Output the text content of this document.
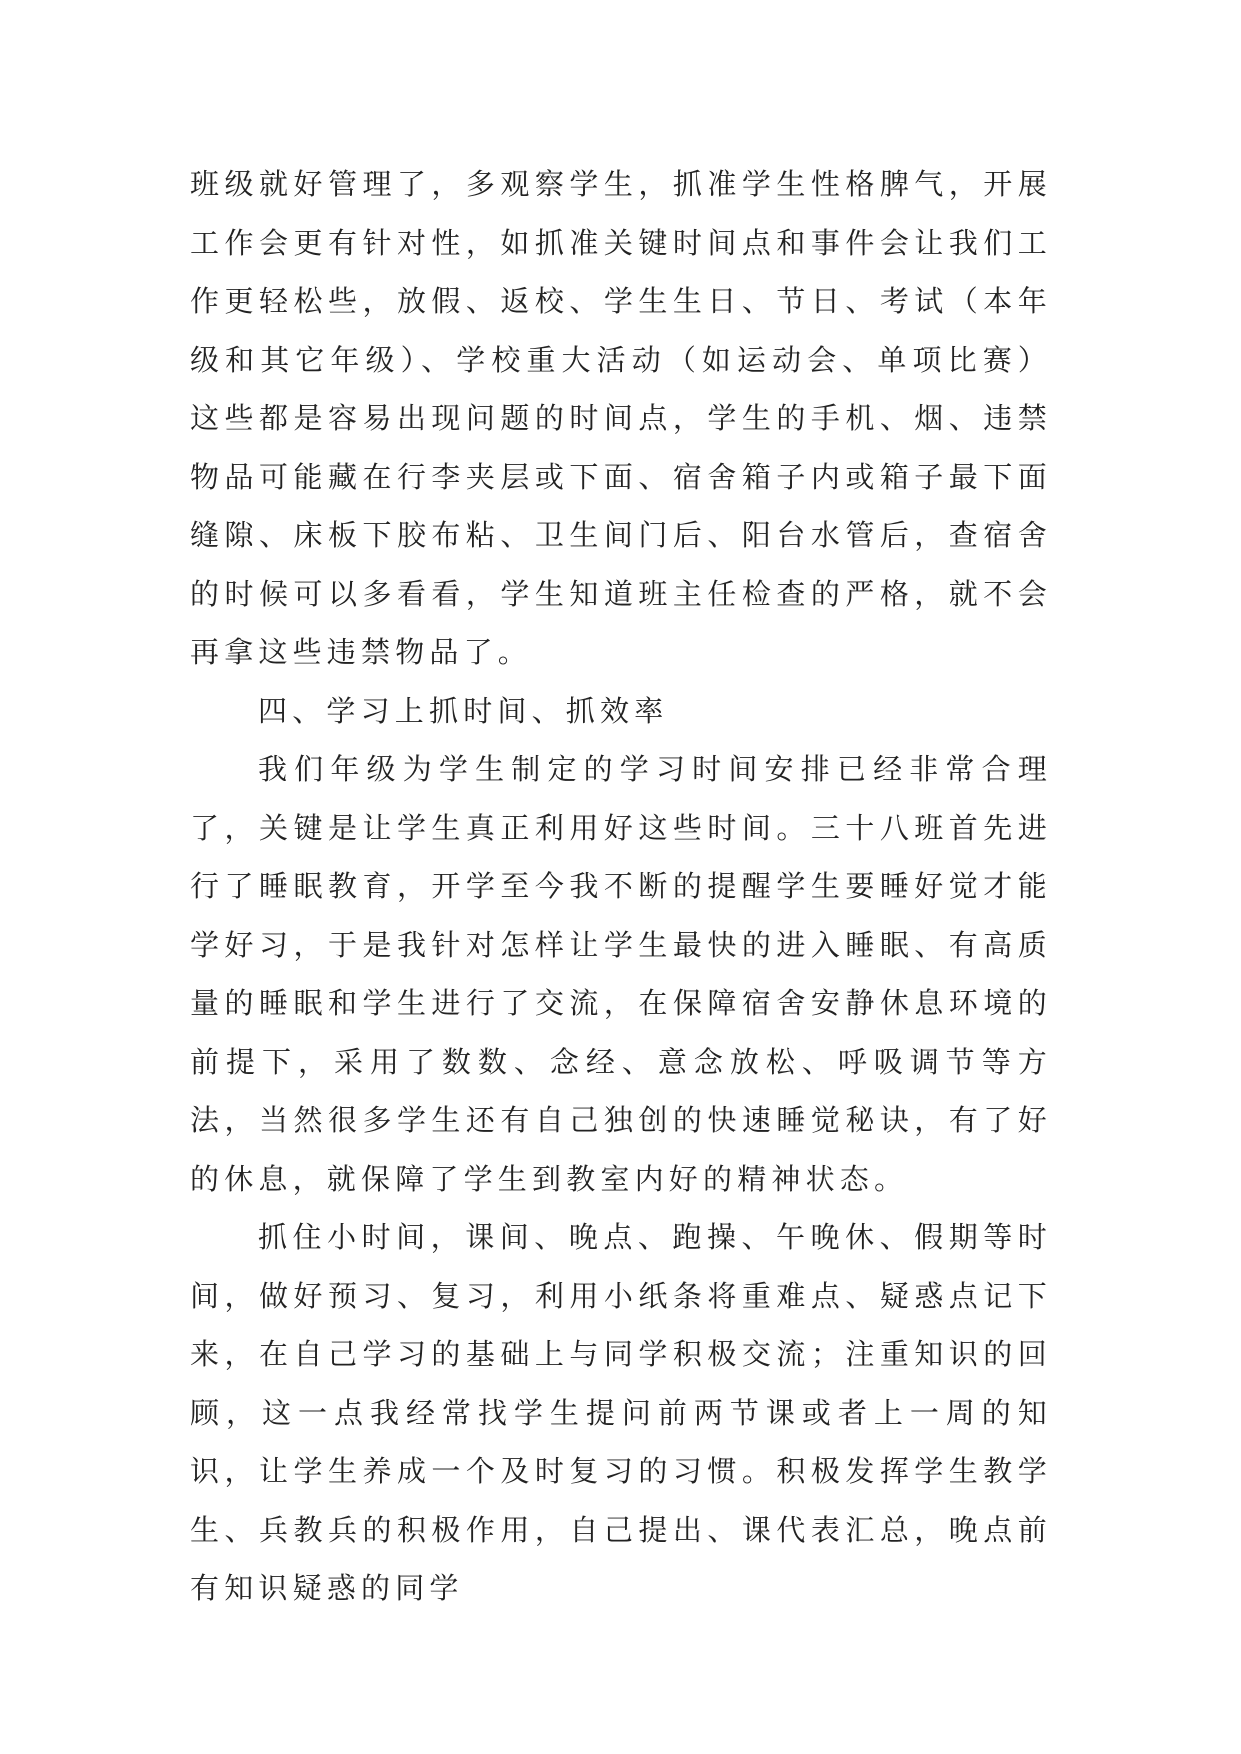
班级就好管理了，多观察学生，抓准学生性格脾气，开展工作会更有针对性，如抓准关键时间点和事件会让我们工作更轻松些，放假、返校、学生生日、节日、考试（本年级和其它年级）、学校重大活动（如运动会、单项比赛）这些都是容易出现问题的时间点，学生的手机、烟、违禁物品可能藏在行李夹层或下面、宿舍箱子内或箱子最下面缝隙、床板下胶布粘、卫生间门后、阳台水管后，查宿舍的时候可以多看看，学生知道班主任检查的严格，就不会再拿这些违禁物品了。

四、学习上抓时间、抓效率

我们年级为学生制定的学习时间安排已经非常合理了，关键是让学生真正利用好这些时间。三十八班首先进行了睡眠教育，开学至今我不断的提醒学生要睡好觉才能学好习，于是我针对怎样让学生最快的进入睡眠、有高质量的睡眠和学生进行了交流，在保障宿舍安静休息环境的前提下，采用了数数、念经、意念放松、呼吸调节等方法，当然很多学生还有自己独创的快速睡觉秘诀，有了好的休息，就保障了学生到教室内好的精神状态。

抓住小时间，课间、晚点、跑操、午晚休、假期等时间，做好预习、复习，利用小纸条将重难点、疑惑点记下来，在自己学习的基础上与同学积极交流；注重知识的回顾，这一点我经常找学生提问前两节课或者上一周的知识，让学生养成一个及时复习的习惯。积极发挥学生教学生、兵教兵的积极作用，自己提出、课代表汇总，晚点前有知识疑惑的同学
